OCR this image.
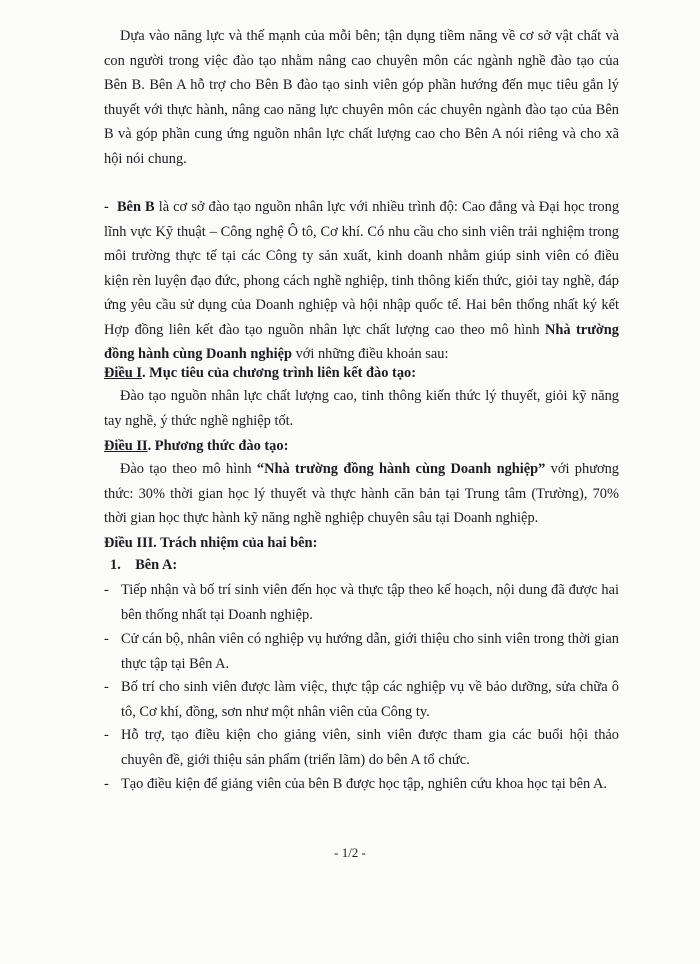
Dựa vào năng lực và thế mạnh của mỗi bên; tận dụng tiềm năng về cơ sở vật chất và con người trong việc đào tạo nhằm nâng cao chuyên môn các ngành nghề đào tạo của Bên B. Bên A hỗ trợ cho Bên B đào tạo sinh viên góp phần hướng đến mục tiêu gắn lý thuyết với thực hành, nâng cao năng lực chuyên môn các chuyên ngành đào tạo của Bên B và góp phần cung ứng nguồn nhân lực chất lượng cao cho Bên A nói riêng và cho xã hội nói chung.
- Bên B là cơ sở đào tạo nguồn nhân lực với nhiều trình độ: Cao đẳng và Đại học trong lĩnh vực Kỹ thuật – Công nghệ Ô tô, Cơ khí. Có nhu cầu cho sinh viên trải nghiệm trong môi trường thực tế tại các Công ty sản xuất, kinh doanh nhằm giúp sinh viên có điều kiện rèn luyện đạo đức, phong cách nghề nghiệp, tinh thông kiến thức, giỏi tay nghề, đáp ứng yêu cầu sử dụng của Doanh nghiệp và hội nhập quốc tế. Hai bên thống nhất ký kết Hợp đồng liên kết đào tạo nguồn nhân lực chất lượng cao theo mô hình Nhà trường đồng hành cùng Doanh nghiệp với những điều khoản sau:
Điều I. Mục tiêu của chương trình liên kết đào tạo:
Đào tạo nguồn nhân lực chất lượng cao, tinh thông kiến thức lý thuyết, giỏi kỹ năng tay nghề, ý thức nghề nghiệp tốt.
Điều II. Phương thức đào tạo:
Đào tạo theo mô hình “Nhà trường đồng hành cùng Doanh nghiệp” với phương thức: 30% thời gian học lý thuyết và thực hành căn bản tại Trung tâm (Trường), 70% thời gian học thực hành kỹ năng nghề nghiệp chuyên sâu tại Doanh nghiệp.
Điều III. Trách nhiệm của hai bên:
1. Bên A:
- Tiếp nhận và bố trí sinh viên đến học và thực tập theo kế hoạch, nội dung đã được hai bên thống nhất tại Doanh nghiệp.
- Cử cán bộ, nhân viên có nghiệp vụ hướng dẫn, giới thiệu cho sinh viên trong thời gian thực tập tại Bên A.
- Bố trí cho sinh viên được làm việc, thực tập các nghiệp vụ về bảo dưỡng, sửa chữa ô tô, Cơ khí, đồng, sơn như một nhân viên của Công ty.
- Hỗ trợ, tạo điều kiện cho giảng viên, sinh viên được tham gia các buổi hội thảo chuyên đề, giới thiệu sản phẩm (triển lãm) do bên A tổ chức.
- Tạo điều kiện để giảng viên của bên B được học tập, nghiên cứu khoa học tại bên A.
- 1/2 -
